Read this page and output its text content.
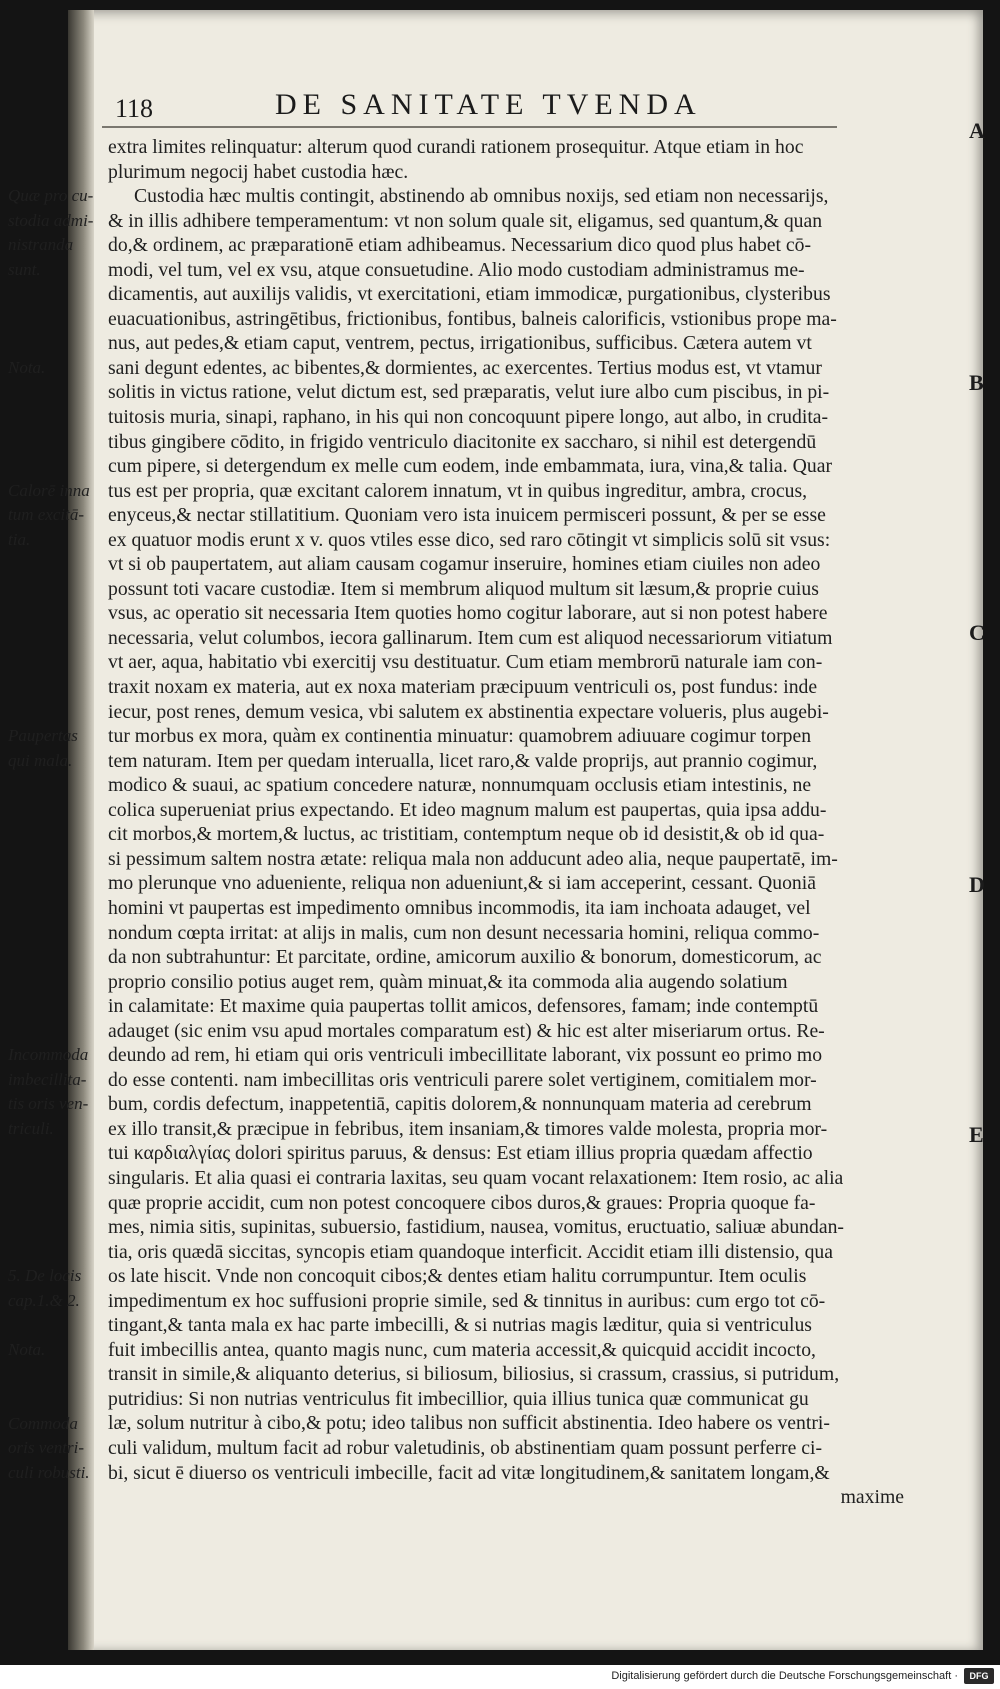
A
B
C
D
E
118	DE SANITATE TVENDA
Quæ pro cu-
stodia admi-
nistranda
sunt.
Nota.
Calorē inna
tum excitā-
tia.
Paupertas
qui mala.
Incommoda
imbecillita-
tis oris ven-
triculi.
5. De locis
cap.1.& 2.
Nota.
Commoda
oris ventri-
culi robusti.
extra limites relinquatur: alterum quod curandi rationem prosequitur. Atque etiam in hoc
plurimum negocij habet custodia hæc.
Custodia hæc multis contingit, abstinendo ab omnibus noxijs, sed etiam non necessarijs,
& in illis adhibere temperamentum: vt non solum quale sit, eligamus, sed quantum,& quan
do,& ordinem, ac præparationē etiam adhibeamus. Necessarium dico quod plus habet cō-
modi, vel tum, vel ex vsu, atque consuetudine. Alio modo custodiam administramus me-
dicamentis, aut auxilijs validis, vt exercitationi, etiam immodicæ, purgationibus, clysteribus
euacuationibus, astringētibus, frictionibus, fontibus, balneis calorificis, vstionibus prope ma-
nus, aut pedes,& etiam caput, ventrem, pectus, irrigationibus, sufficibus. Cætera autem vt
sani degunt edentes, ac bibentes,& dormientes, ac exercentes. Tertius modus est, vt vtamur
solitis in victus ratione, velut dictum est, sed præparatis, velut iure albo cum piscibus, in pi-
tuitosis muria, sinapi, raphano, in his qui non concoquunt pipere longo, aut albo, in crudita-
tibus gingibere cōdito, in frigido ventriculo diacitonite ex saccharo, si nihil est detergendū
cum pipere, si detergendum ex melle cum eodem, inde embammata, iura, vina,& talia. Quar
tus est per propria, quæ excitant calorem innatum, vt in quibus ingreditur, ambra, crocus,
enyceus,& nectar stillatitium. Quoniam vero ista inuicem permisceri possunt, & per se esse
ex quatuor modis erunt x v. quos vtiles esse dico, sed raro cōtingit vt simplicis solū sit vsus:
vt si ob paupertatem, aut aliam causam cogamur inseruire, homines etiam ciuiles non adeo
possunt toti vacare custodiæ. Item si membrum aliquod multum sit læsum,& proprie cuius
vsus, ac operatio sit necessaria Item quoties homo cogitur laborare, aut si non potest habere
necessaria, velut columbos, iecora gallinarum. Item cum est aliquod necessariorum vitiatum
vt aer, aqua, habitatio vbi exercitij vsu destituatur. Cum etiam membrorū naturale iam con-
traxit noxam ex materia, aut ex noxa materiam præcipuum ventriculi os, post fundus: inde
iecur, post renes, demum vesica, vbi salutem ex abstinentia expectare volueris, plus augebi-
tur morbus ex mora, quàm ex continentia minuatur: quamobrem adiuuare cogimur torpen
tem naturam. Item per quedam interualla, licet raro,& valde proprijs, aut prannio cogimur,
modico & suaui, ac spatium concedere naturæ, nonnumquam occlusis etiam intestinis, ne
colica superueniat prius expectando. Et ideo magnum malum est paupertas, quia ipsa addu-
cit morbos,& mortem,& luctus, ac tristitiam, contemptum neque ob id desistit,& ob id qua-
si pessimum saltem nostra ætate: reliqua mala non adducunt adeo alia, neque paupertatē, im-
mo plerunque vno adueniente, reliqua non adueniunt,& si iam acceperint, cessant. Quoniā
homini vt paupertas est impedimento omnibus incommodis, ita iam inchoata adauget, vel
nondum cœpta irritat: at alijs in malis, cum non desunt necessaria homini, reliqua commo-
da non subtrahuntur: Et parcitate, ordine, amicorum auxilio & bonorum, domesticorum, ac
proprio consilio potius auget rem, quàm minuat,& ita commoda alia augendo solatium
in calamitate: Et maxime quia paupertas tollit amicos, defensores, famam; inde contemptū
adauget (sic enim vsu apud mortales comparatum est) & hic est alter miseriarum ortus. Re-
deundo ad rem, hi etiam qui oris ventriculi imbecillitate laborant, vix possunt eo primo mo
do esse contenti. nam imbecillitas oris ventriculi parere solet vertiginem, comitialem mor-
bum, cordis defectum, inappetentiā, capitis dolorem,& nonnunquam materia ad cerebrum
ex illo transit,& præcipue in febribus, item insaniam,& timores valde molesta, propria mor-
tui καρδιαλγίας dolori spiritus paruus, & densus: Est etiam illius propria quædam affectio
singularis. Et alia quasi ei contraria laxitas, seu quam vocant relaxationem: Item rosio, ac alia
quæ proprie accidit, cum non potest concoquere cibos duros,& graues: Propria quoque fa-
mes, nimia sitis, supinitas, subuersio, fastidium, nausea, vomitus, eructuatio, saliuæ abundan-
tia, oris quædā siccitas, syncopis etiam quandoque interficit. Accidit etiam illi distensio, qua
os late hiscit. Vnde non concoquit cibos;& dentes etiam halitu corrumpuntur. Item oculis
impedimentum ex hoc suffusioni proprie simile, sed & tinnitus in auribus: cum ergo tot cō-
tingant,& tanta mala ex hac parte imbecilli, & si nutrias magis læditur, quia si ventriculus
fuit imbecillis antea, quanto magis nunc, cum materia accessit,& quicquid accidit incocto,
transit in simile,& aliquanto deterius, si biliosum, biliosius, si crassum, crassius, si putridum,
putridius: Si non nutrias ventriculus fit imbecillior, quia illius tunica quæ communicat gu
læ, solum nutritur à cibo,& potu; ideo talibus non sufficit abstinentia. Ideo habere os ventri-
culi validum, multum facit ad robur valetudinis, ob abstinentiam quam possunt perferre ci-
bi, sicut ē diuerso os ventriculi imbecille, facit ad vitæ longitudinem,& sanitatem longam,&
maxime
Digitalisierung gefördert durch die Deutsche Forschungsgemeinschaft ·	DFG
